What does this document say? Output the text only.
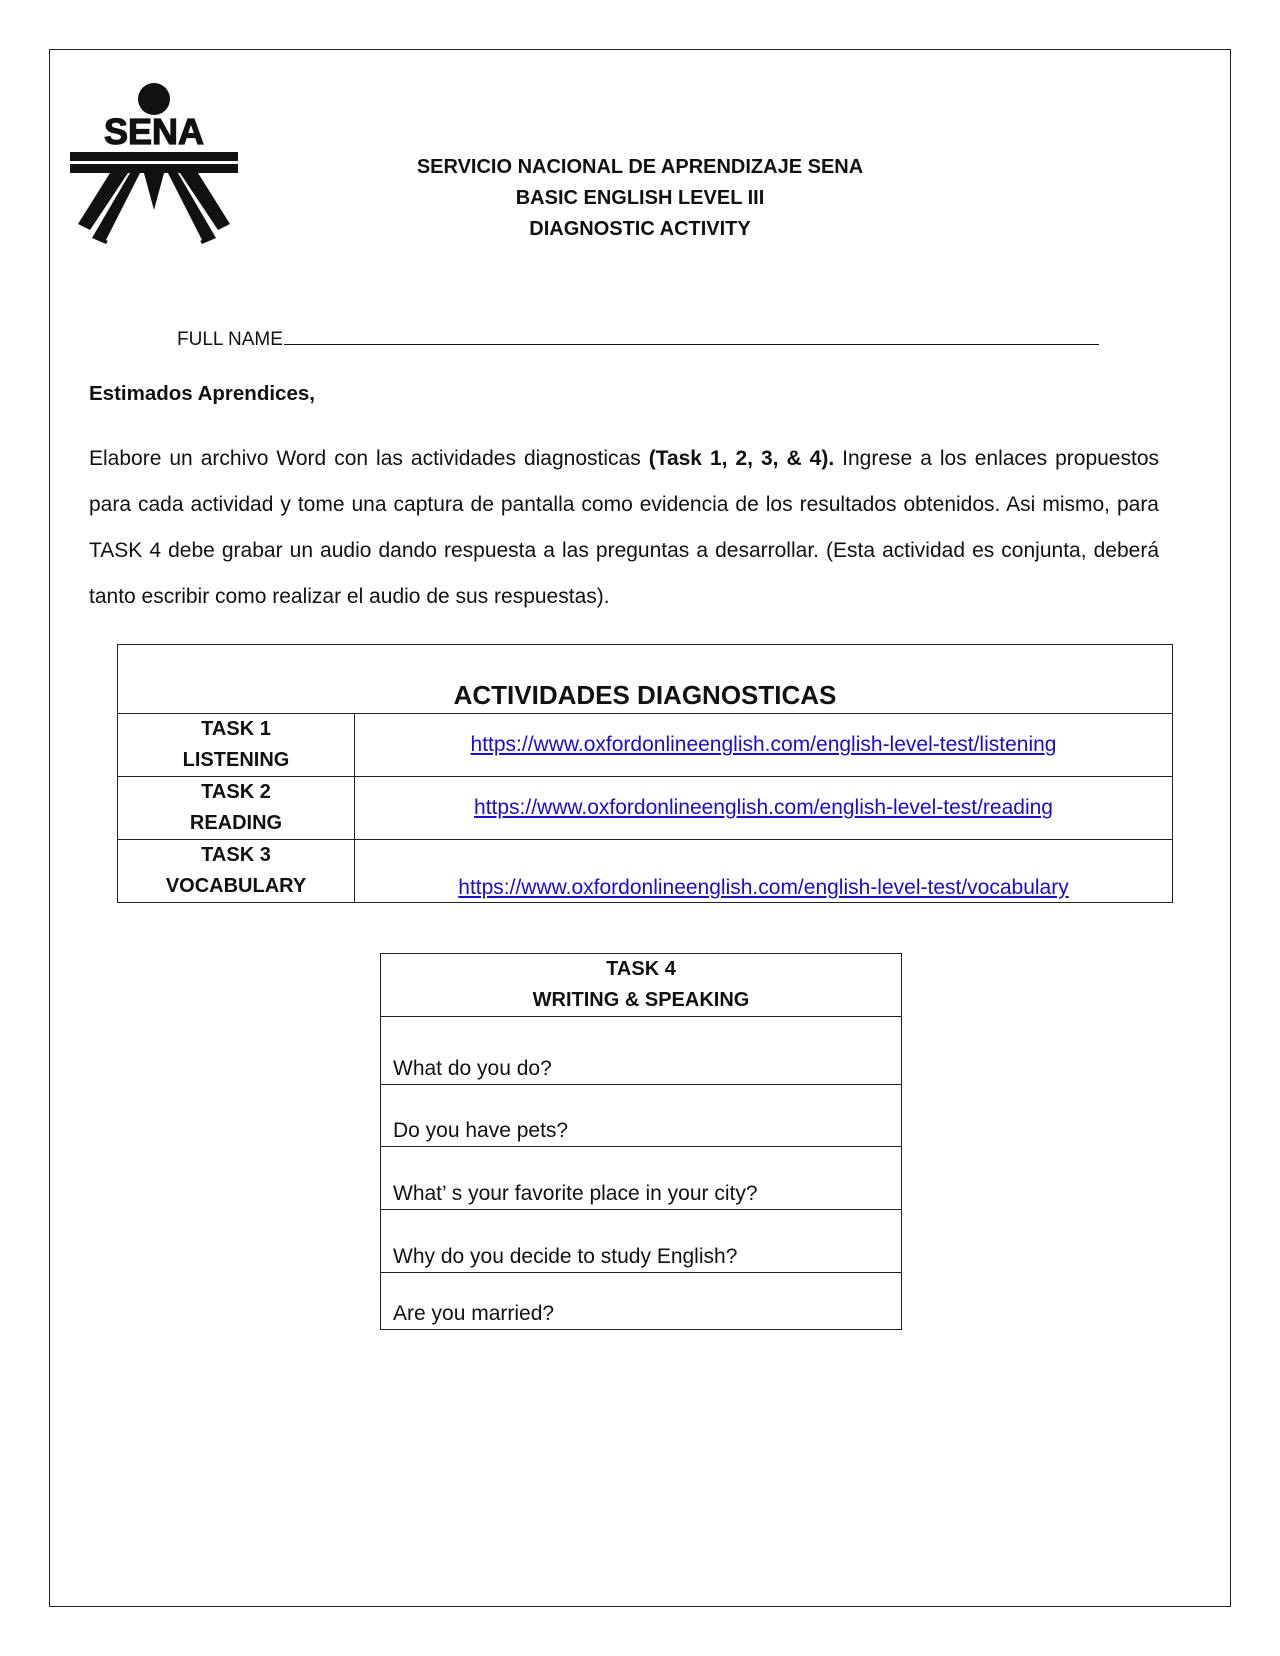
SENA
SERVICIO NACIONAL DE APRENDIZAJE SENA
BASIC ENGLISH LEVEL III
DIAGNOSTIC ACTIVITY
FULL NAME
Estimados Aprendices,
Elabore un archivo Word con las actividades diagnosticas (Task 1, 2, 3, & 4). Ingrese a los enlaces propuestos para cada actividad y tome una captura de pantalla como evidencia de los resultados obtenidos. Asi mismo, para TASK 4 debe grabar un audio dando respuesta a las preguntas a desarrollar. (Esta actividad es conjunta, deberá tanto escribir como realizar el audio de sus respuestas).
ACTIVIDADES DIAGNOSTICAS	

TASK 1
LISTENING	https://www.oxfordonlineenglish.com/english-level-test/listening

TASK 2
READING	https://www.oxfordonlineenglish.com/english-level-test/reading

TASK 3
VOCABULARY	https://www.oxfordonlineenglish.com/english-level-test/vocabulary
TASK 4
WRITING & SPEAKING

What do you do?
Do you have pets?
What’ s your favorite place in your city?
Why do you decide to study English?
Are you married?
